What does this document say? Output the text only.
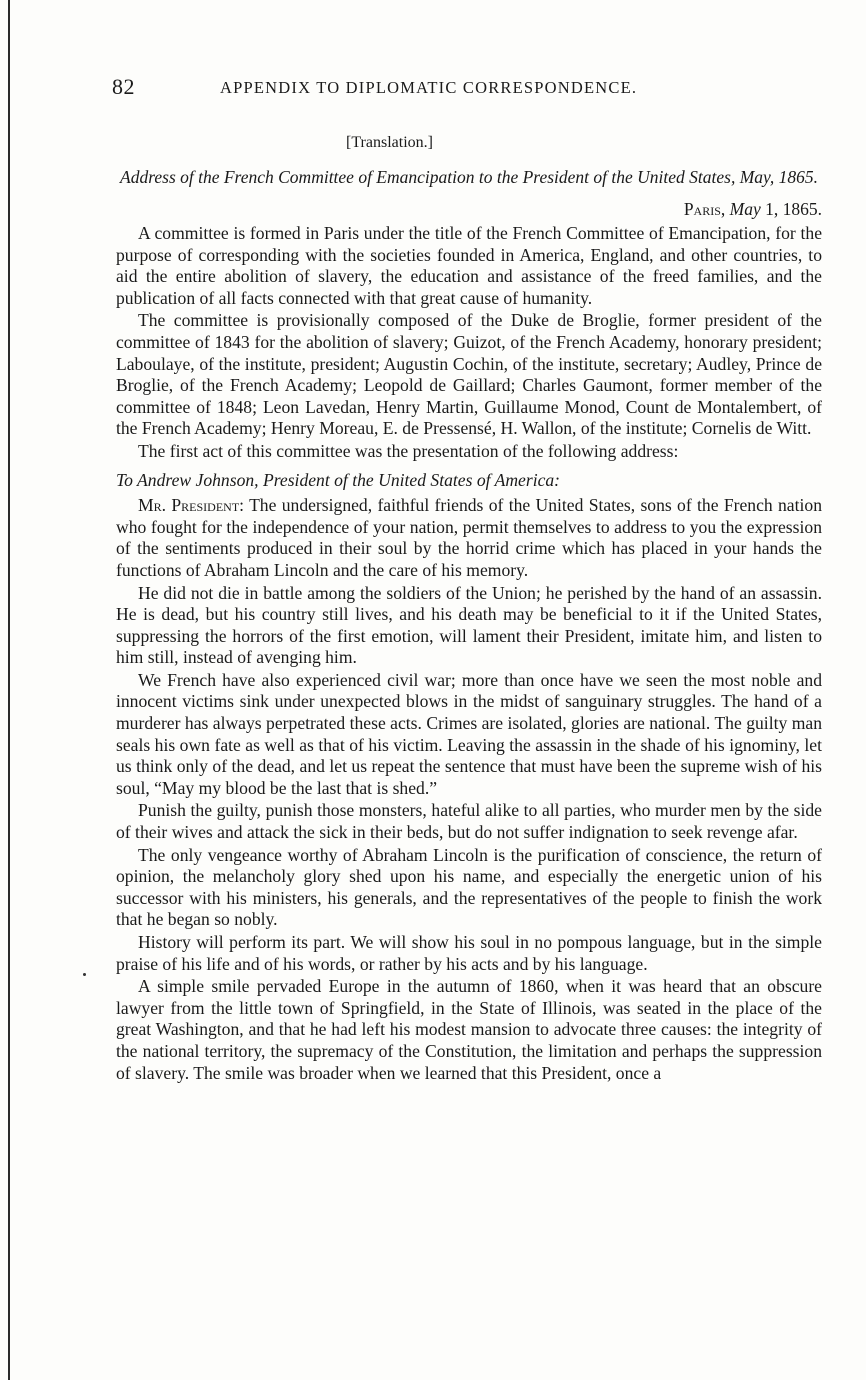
82	APPENDIX TO DIPLOMATIC CORRESPONDENCE.
[Translation.]
Address of the French Committee of Emancipation to the President of the United States, May, 1865.
Paris, May 1, 1865.

A committee is formed in Paris under the title of the French Committee of Emancipation, for the purpose of corresponding with the societies founded in America, England, and other countries, to aid the entire abolition of slavery, the education and assistance of the freed families, and the publication of all facts connected with that great cause of humanity.

The committee is provisionally composed of the Duke de Broglie, former president of the committee of 1843 for the abolition of slavery; Guizot, of the French Academy, honorary president; Laboulaye, of the institute, president; Augustin Cochin, of the institute, secretary; Audley, Prince de Broglie, of the French Academy; Leopold de Gaillard; Charles Gaumont, former member of the committee of 1848; Leon Lavedan, Henry Martin, Guillaume Monod, Count de Montalembert, of the French Academy; Henry Moreau, E. de Pressensé, H. Wallon, of the institute; Cornelis de Witt.

The first act of this committee was the presentation of the following address:

To Andrew Johnson, President of the United States of America:

Mr. President: The undersigned, faithful friends of the United States, sons of the French nation who fought for the independence of your nation, permit themselves to address to you the expression of the sentiments produced in their soul by the horrid crime which has placed in your hands the functions of Abraham Lincoln and the care of his memory.

He did not die in battle among the soldiers of the Union; he perished by the hand of an assassin. He is dead, but his country still lives, and his death may be beneficial to it if the United States, suppressing the horrors of the first emotion, will lament their President, imitate him, and listen to him still, instead of avenging him.

We French have also experienced civil war; more than once have we seen the most noble and innocent victims sink under unexpected blows in the midst of sanguinary struggles. The hand of a murderer has always perpetrated these acts. Crimes are isolated, glories are national. The guilty man seals his own fate as well as that of his victim. Leaving the assassin in the shade of his ignominy, let us think only of the dead, and let us repeat the sentence that must have been the supreme wish of his soul, “May my blood be the last that is shed.”

Punish the guilty, punish those monsters, hateful alike to all parties, who murder men by the side of their wives and attack the sick in their beds, but do not suffer indignation to seek revenge afar.

The only vengeance worthy of Abraham Lincoln is the purification of conscience, the return of opinion, the melancholy glory shed upon his name, and especially the energetic union of his successor with his ministers, his generals, and the representatives of the people to finish the work that he began so nobly.

History will perform its part. We will show his soul in no pompous language, but in the simple praise of his life and of his words, or rather by his acts and by his language.

A simple smile pervaded Europe in the autumn of 1860, when it was heard that an obscure lawyer from the little town of Springfield, in the State of Illinois, was seated in the place of the great Washington, and that he had left his modest mansion to advocate three causes: the integrity of the national territory, the supremacy of the Constitution, the limitation and perhaps the suppression of slavery. The smile was broader when we learned that this President, once a
